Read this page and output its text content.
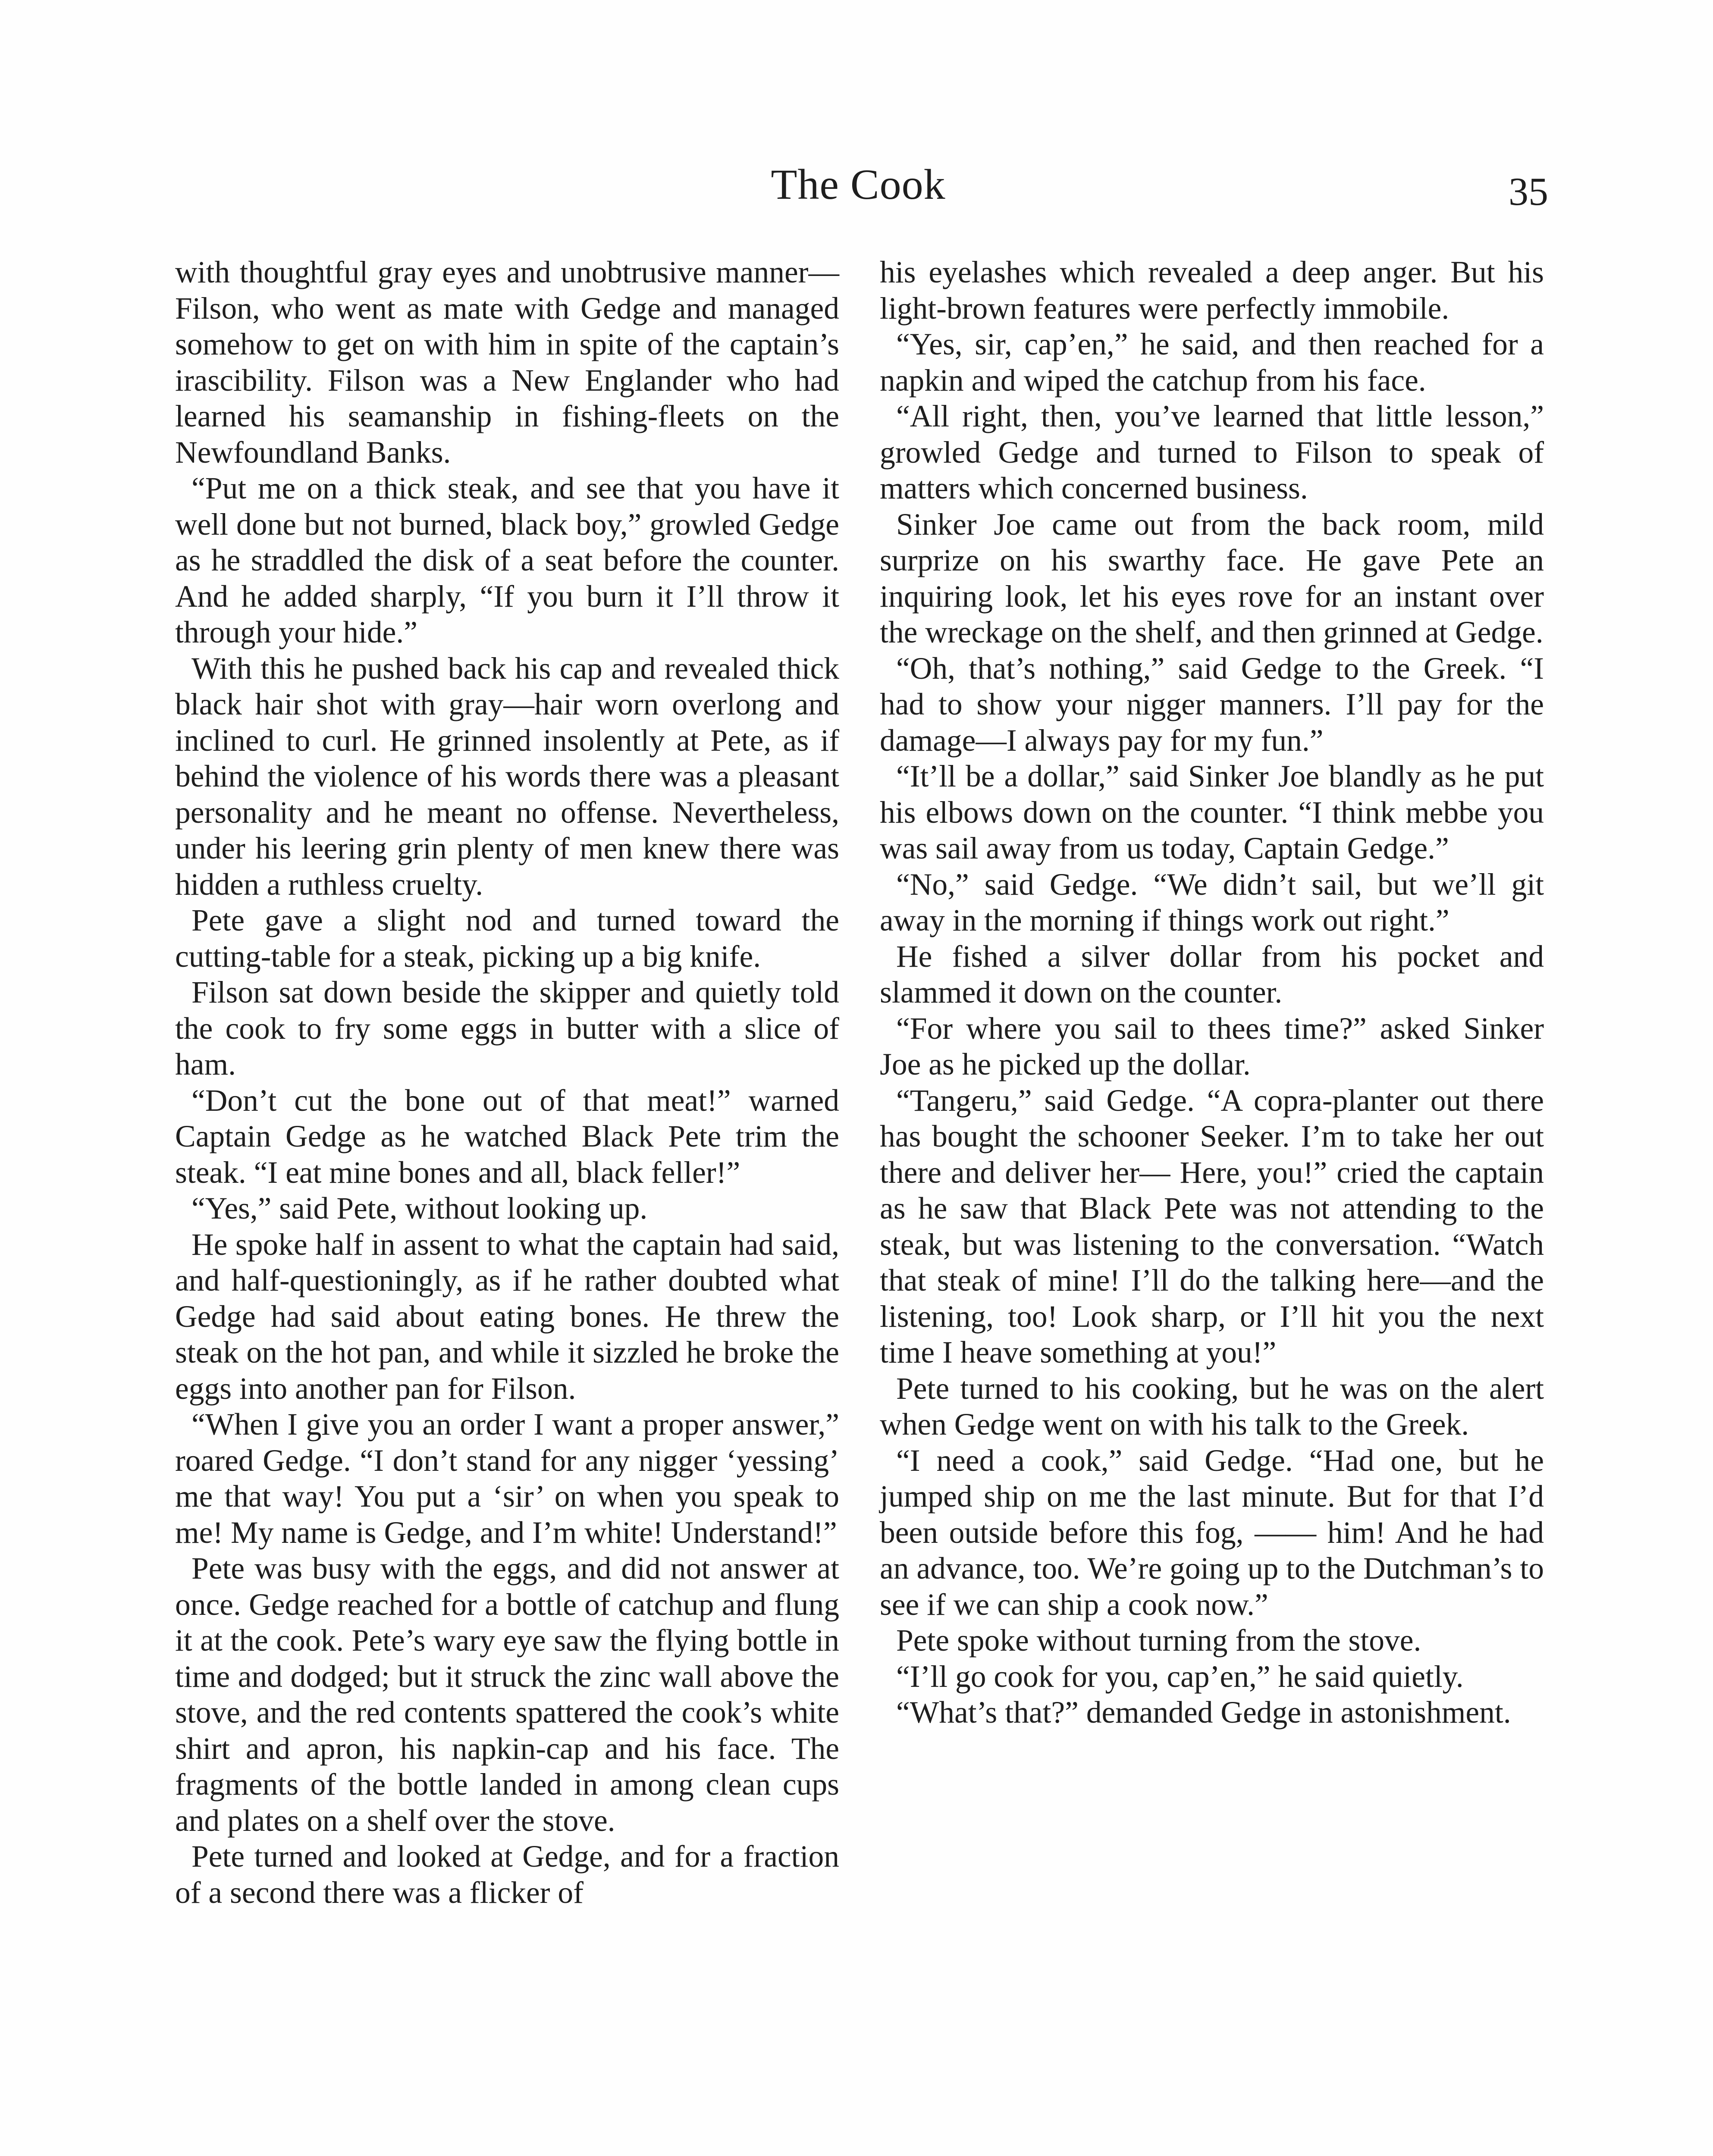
The Cook	35

with thoughtful gray eyes and unobtrusive manner—Filson, who went as mate with Gedge and managed somehow to get on with him in spite of the captain’s irascibility. Filson was a New Englander who had learned his seamanship in fishing-fleets on the Newfoundland Banks.

“Put me on a thick steak, and see that you have it well done but not burned, black boy,” growled Gedge as he straddled the disk of a seat before the counter. And he added sharply, “If you burn it I’ll throw it through your hide.”

With this he pushed back his cap and revealed thick black hair shot with gray—hair worn overlong and inclined to curl. He grinned insolently at Pete, as if behind the violence of his words there was a pleasant personality and he meant no offense. Nevertheless, under his leering grin plenty of men knew there was hidden a ruthless cruelty.

Pete gave a slight nod and turned toward the cutting-table for a steak, picking up a big knife.

Filson sat down beside the skipper and quietly told the cook to fry some eggs in butter with a slice of ham.

“Don’t cut the bone out of that meat!” warned Captain Gedge as he watched Black Pete trim the steak. “I eat mine bones and all, black feller!”

“Yes,” said Pete, without looking up.

He spoke half in assent to what the captain had said, and half-questioningly, as if he rather doubted what Gedge had said about eating bones. He threw the steak on the hot pan, and while it sizzled he broke the eggs into another pan for Filson.

“When I give you an order I want a proper answer,” roared Gedge. “I don’t stand for any nigger ‘yessing’ me that way! You put a ‘sir’ on when you speak to me! My name is Gedge, and I’m white! Understand!”

Pete was busy with the eggs, and did not answer at once. Gedge reached for a bottle of catchup and flung it at the cook. Pete’s wary eye saw the flying bottle in time and dodged; but it struck the zinc wall above the stove, and the red contents spattered the cook’s white shirt and apron, his napkin-cap and his face. The fragments of the bottle landed in among clean cups and plates on a shelf over the stove.

Pete turned and looked at Gedge, and for a fraction of a second there was a flicker of

his eyelashes which revealed a deep anger. But his light-brown features were perfectly immobile.

“Yes, sir, cap’en,” he said, and then reached for a napkin and wiped the catchup from his face.

“All right, then, you’ve learned that little lesson,” growled Gedge and turned to Filson to speak of matters which concerned business.

Sinker Joe came out from the back room, mild surprize on his swarthy face. He gave Pete an inquiring look, let his eyes rove for an instant over the wreckage on the shelf, and then grinned at Gedge.

“Oh, that’s nothing,” said Gedge to the Greek. “I had to show your nigger manners. I’ll pay for the damage—I always pay for my fun.”

“It’ll be a dollar,” said Sinker Joe blandly as he put his elbows down on the counter. “I think mebbe you was sail away from us today, Captain Gedge.”

“No,” said Gedge. “We didn’t sail, but we’ll git away in the morning if things work out right.”

He fished a silver dollar from his pocket and slammed it down on the counter.

“For where you sail to thees time?” asked Sinker Joe as he picked up the dollar.

“Tangeru,” said Gedge. “A copra-planter out there has bought the schooner Seeker. I’m to take her out there and deliver her— Here, you!” cried the captain as he saw that Black Pete was not attending to the steak, but was listening to the conversation. “Watch that steak of mine! I’ll do the talking here—and the listening, too! Look sharp, or I’ll hit you the next time I heave something at you!”

Pete turned to his cooking, but he was on the alert when Gedge went on with his talk to the Greek.

“I need a cook,” said Gedge. “Had one, but he jumped ship on me the last minute. But for that I’d been outside before this fog, —— him! And he had an advance, too. We’re going up to the Dutchman’s to see if we can ship a cook now.”

Pete spoke without turning from the stove.

“I’ll go cook for you, cap’en,” he said quietly.

“What’s that?” demanded Gedge in astonishment.
